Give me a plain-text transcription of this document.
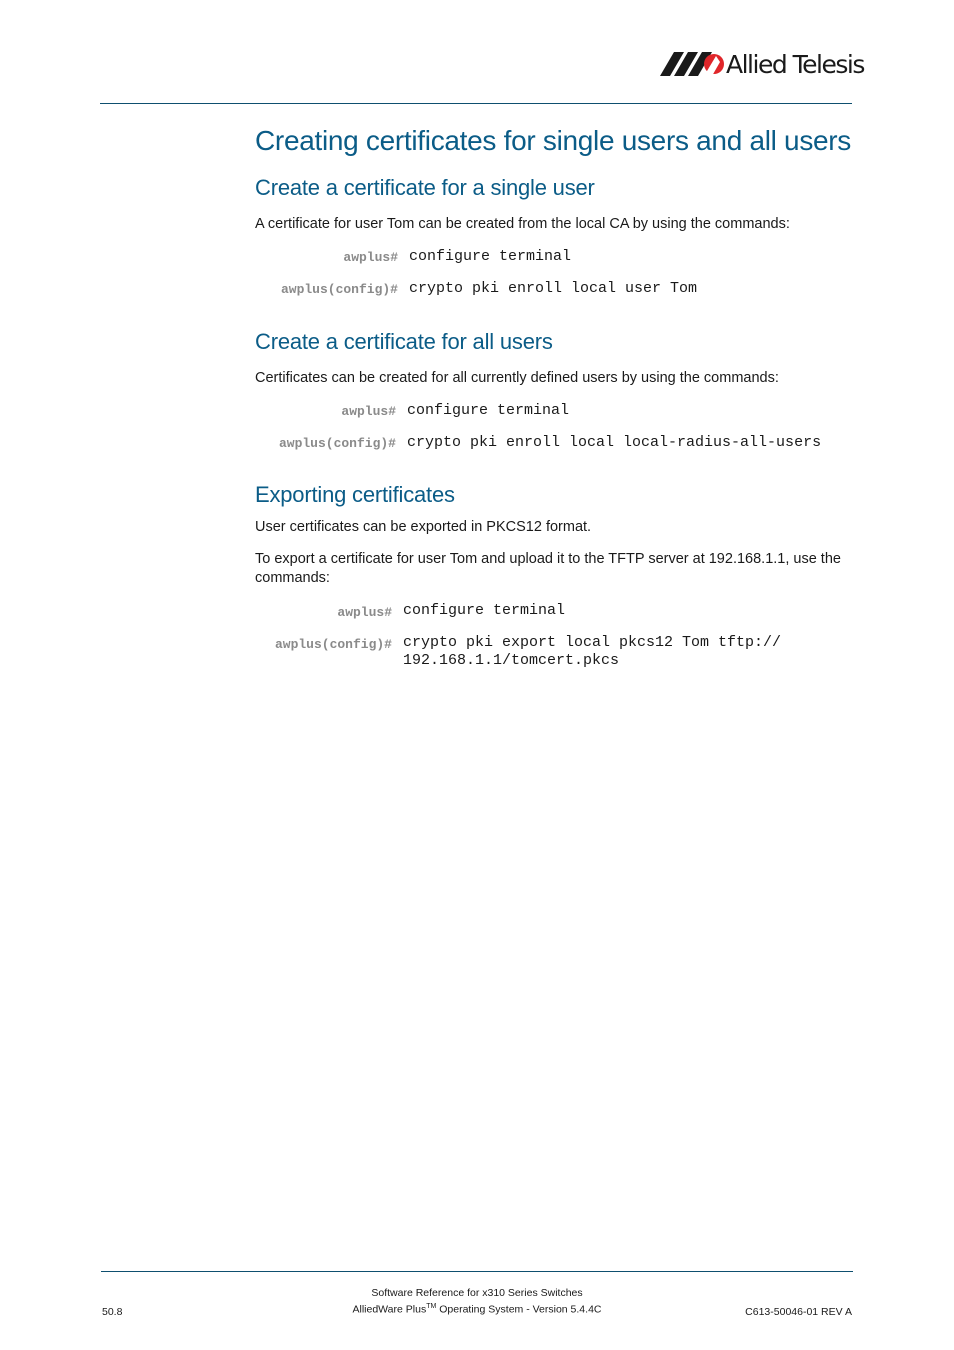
Allied Telesis
Creating certificates for single users and all users
Create a certificate for a single user

A certificate for user Tom can be created from the local CA by using the commands:

awplus# configure terminal
awplus(config)# crypto pki enroll local user Tom
Create a certificate for all users

Certificates can be created for all currently defined users by using the commands:

awplus# configure terminal
awplus(config)# crypto pki enroll local local-radius-all-users
Exporting certificates

User certificates can be exported in PKCS12 format.

To export a certificate for user Tom and upload it to the TFTP server at 192.168.1.1, use the commands:

awplus# configure terminal
awplus(config)# crypto pki export local pkcs12 Tom tftp://
192.168.1.1/tomcert.pkcs
Software Reference for x310 Series Switches
50.8	AlliedWare Plus™ Operating System - Version 5.4.4C	C613-50046-01 REV A
